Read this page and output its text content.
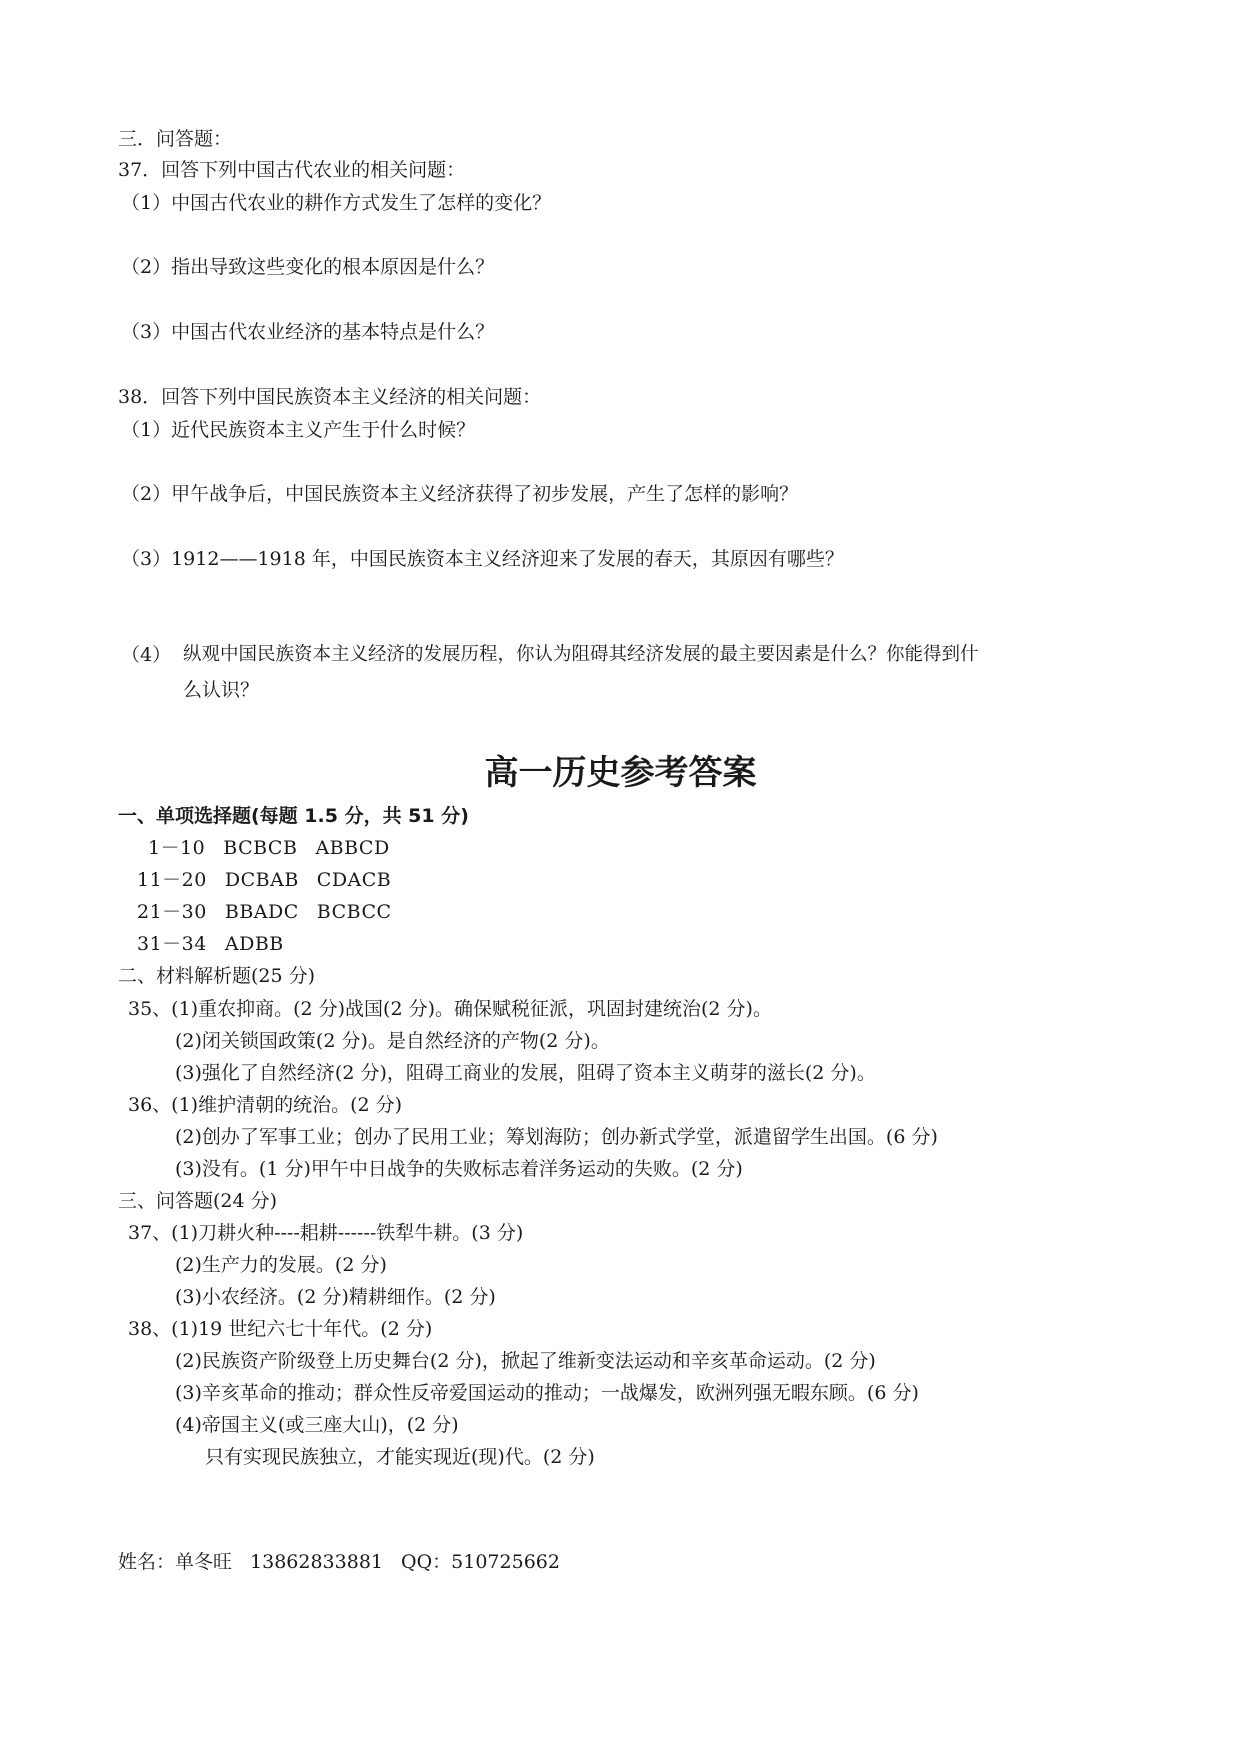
三．问答题：
37．回答下列中国古代农业的相关问题：
（1）中国古代农业的耕作方式发生了怎样的变化？
（2）指出导致这些变化的根本原因是什么？
（3）中国古代农业经济的基本特点是什么？
38．回答下列中国民族资本主义经济的相关问题：
（1）近代民族资本主义产生于什么时候？
（2）甲午战争后，中国民族资本主义经济获得了初步发展，产生了怎样的影响？
（3）1912——1918 年，中国民族资本主义经济迎来了发展的春天，其原因有哪些？
（4） 纵观中国民族资本主义经济的发展历程，你认为阻碍其经济发展的最主要因素是什么？你能得到什
么认识？
高一历史参考答案
一、单项选择题(每题 1.5 分，共 51 分)
1－10 BCBCB ABBCD
11－20 DCBAB CDACB
21－30 BBADC BCBCC
31－34 ADBB
二、材料解析题(25 分)
35、(1)重农抑商。(2 分)战国(2 分)。确保赋税征派，巩固封建统治(2 分)。
(2)闭关锁国政策(2 分)。是自然经济的产物(2 分)。
(3)强化了自然经济(2 分)，阻碍工商业的发展，阻碍了资本主义萌芽的滋长(2 分)。
36、(1)维护清朝的统治。(2 分)
(2)创办了军事工业；创办了民用工业；筹划海防；创办新式学堂，派遣留学生出国。(6 分)
(3)没有。(1 分)甲午中日战争的失败标志着洋务运动的失败。(2 分)
三、问答题(24 分)
37、(1)刀耕火种----耜耕------铁犁牛耕。(3 分)
(2)生产力的发展。(2 分)
(3)小农经济。(2 分)精耕细作。(2 分)
38、(1)19 世纪六七十年代。(2 分)
(2)民族资产阶级登上历史舞台(2 分)，掀起了维新变法运动和辛亥革命运动。(2 分)
(3)辛亥革命的推动；群众性反帝爱国运动的推动；一战爆发，欧洲列强无暇东顾。(6 分)
(4)帝国主义(或三座大山)，(2 分)
只有实现民族独立，才能实现近(现)代。(2 分)
姓名：单冬旺 13862833881 QQ：510725662
